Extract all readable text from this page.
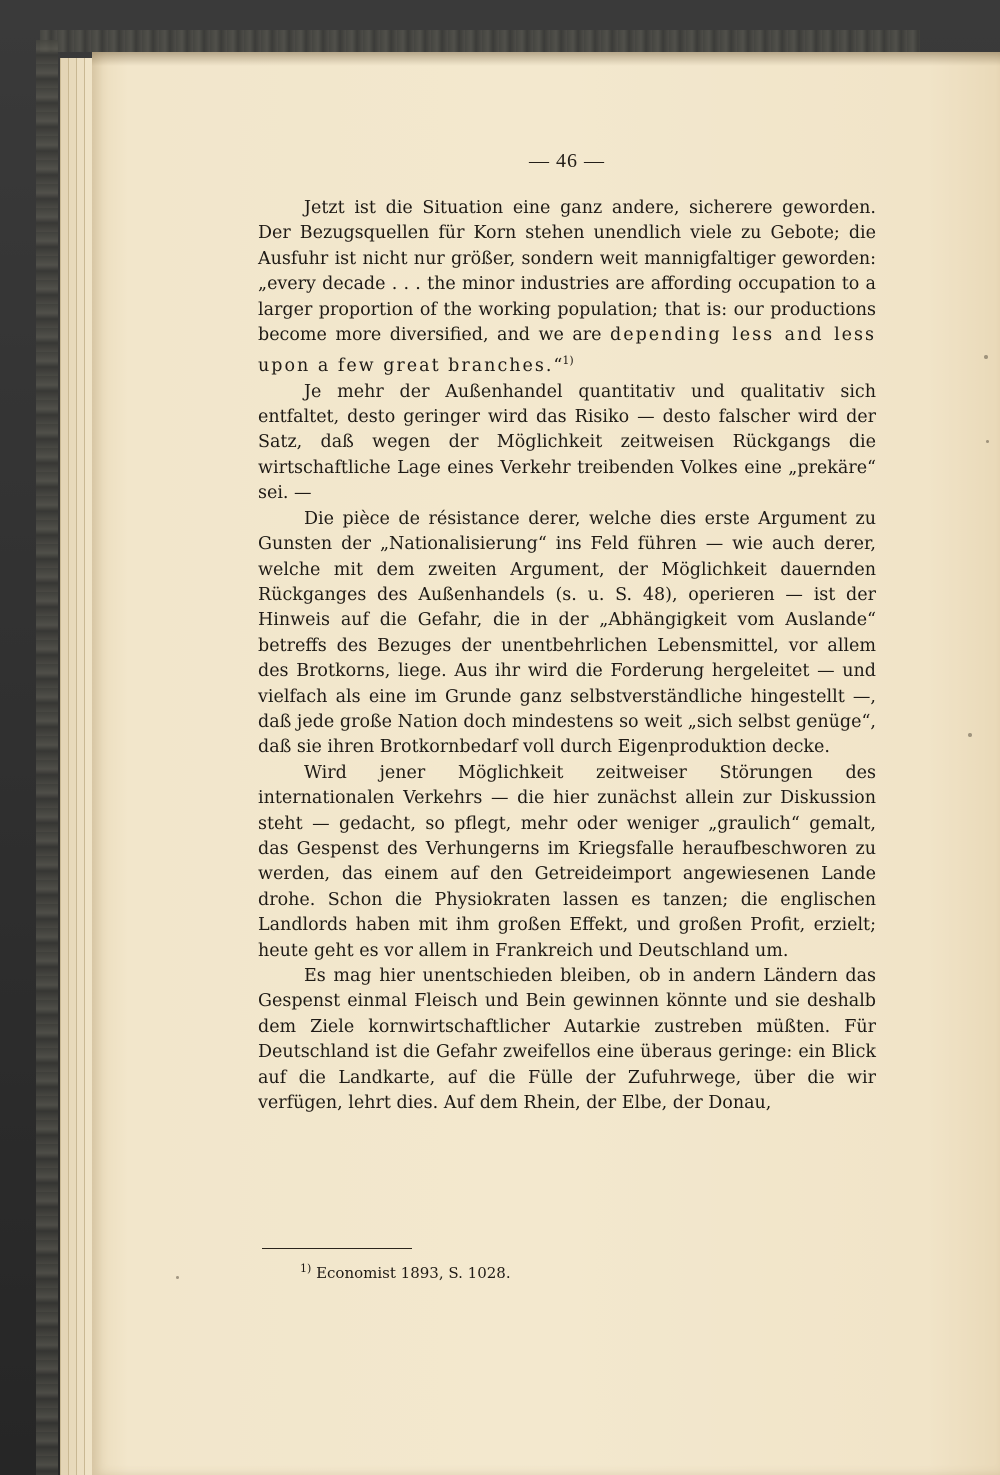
— 46 —

Jetzt ist die Situation eine ganz andere, sicherere geworden. Der Bezugsquellen für Korn stehen unendlich viele zu Gebote; die Ausfuhr ist nicht nur größer, sondern weit mannigfaltiger geworden: „every decade . . . the minor industries are affording occupation to a larger proportion of the working population; that is: our productions become more diversified, and we are depending less and less upon a few great branches.“$^{1)}$

Je mehr der Außenhandel quantitativ und qualitativ sich entfaltet, desto geringer wird das Risiko — desto falscher wird der Satz, daß wegen der Möglichkeit zeitweisen Rückgangs die wirtschaftliche Lage eines Verkehr treibenden Volkes eine „prekäre“ sei. —

Die pièce de résistance derer, welche dies erste Argument zu Gunsten der „Nationalisierung“ ins Feld führen — wie auch derer, welche mit dem zweiten Argument, der Möglichkeit dauernden Rückganges des Außenhandels (s. u. S. 48), operieren — ist der Hinweis auf die Gefahr, die in der „Abhängigkeit vom Auslande“ betreffs des Bezuges der unentbehrlichen Lebensmittel, vor allem des Brotkorns, liege. Aus ihr wird die Forderung hergeleitet — und vielfach als eine im Grunde ganz selbstverständliche hingestellt —, daß jede große Nation doch mindestens so weit „sich selbst genüge“, daß sie ihren Brotkornbedarf voll durch Eigenproduktion decke.

Wird jener Möglichkeit zeitweiser Störungen des internationalen Verkehrs — die hier zunächst allein zur Diskussion steht — gedacht, so pflegt, mehr oder weniger „graulich“ gemalt, das Gespenst des Verhungerns im Kriegsfalle heraufbeschworen zu werden, das einem auf den Getreideimport angewiesenen Lande drohe. Schon die Physiokraten lassen es tanzen; die englischen Landlords haben mit ihm großen Effekt, und großen Profit, erzielt; heute geht es vor allem in Frankreich und Deutschland um.

Es mag hier unentschieden bleiben, ob in andern Ländern das Gespenst einmal Fleisch und Bein gewinnen könnte und sie deshalb dem Ziele kornwirtschaftlicher Autarkie zustreben müßten. Für Deutschland ist die Gefahr zweifellos eine überaus geringe: ein Blick auf die Landkarte, auf die Fülle der Zufuhrwege, über die wir verfügen, lehrt dies. Auf dem Rhein, der Elbe, der Donau,

$^{1)}$ Economist 1893, S. 1028.
